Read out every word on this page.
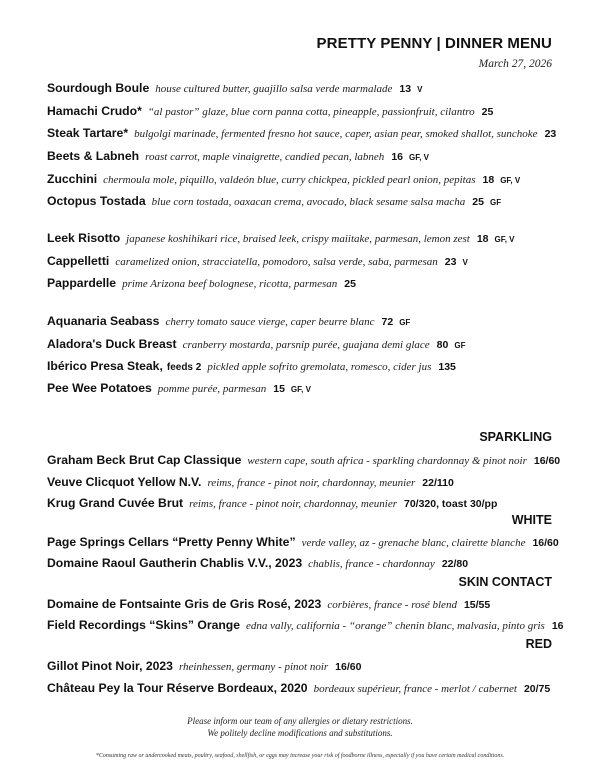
PRETTY PENNY | DINNER MENU
March 27, 2026
Sourdough Boule house cultured butter, guajillo salsa verde marmalade 13 V
Hamachi Crudo* “al pastor” glaze, blue corn panna cotta, pineapple, passionfruit, cilantro 25
Steak Tartare* bulgolgi marinade, fermented fresno hot sauce, caper, asian pear, smoked shallot, sunchoke 23
Beets & Labneh roast carrot, maple vinaigrette, candied pecan, labneh 16 GF, V
Zucchini chermoula mole, piquillo, valdeón blue, curry chickpea, pickled pearl onion, pepitas 18 GF, V
Octopus Tostada blue corn tostada, oaxacan crema, avocado, black sesame salsa macha 25 GF
Leek Risotto japanese koshihikari rice, braised leek, crispy maiitake, parmesan, lemon zest 18 GF, V
Cappelletti caramelized onion, stracciatella, pomodoro, salsa verde, saba, parmesan 23 V
Pappardelle prime Arizona beef bolognese, ricotta, parmesan 25
Aquanaria Seabass cherry tomato sauce vierge, caper beurre blanc 72 GF
Aladora's Duck Breast cranberry mostarda, parsnip purée, guajana demi glace 80 GF
Ibérico Presa Steak, feeds 2 pickled apple sofrito gremolata, romesco, cider jus 135
Pee Wee Potatoes pomme purée, parmesan 15 GF, V
SPARKLING
WHITE
SKIN CONTACT
RED
Graham Beck Brut Cap Classique western cape, south africa - sparkling chardonnay & pinot noir 16/60
Veuve Clicquot Yellow N.V. reims, france - pinot noir, chardonnay, meunier 22/110
Krug Grand Cuvée Brut reims, france - pinot noir, chardonnay, meunier 70/320, toast 30/pp
Page Springs Cellars “Pretty Penny White” verde valley, az - grenache blanc, clairette blanche 16/60
Domaine Raoul Gautherin Chablis V.V., 2023 chablis, france - chardonnay 22/80
Domaine de Fontsainte Gris de Gris Rosé, 2023 corbières, france - rosé blend 15/55
Field Recordings “Skins” Orange edna vally, california - “orange” chenin blanc, malvasia, pinto gris 16
Gillot Pinot Noir, 2023 rheinhessen, germany - pinot noir 16/60
Château Pey la Tour Réserve Bordeaux, 2020 bordeaux supérieur, france - merlot / cabernet 20/75
Please inform our team of any allergies or dietary restrictions.
We politely decline modifications and substitutions.
*Consuming raw or undercooked meats, poultry, seafood, shellfish, or eggs may increase your risk of foodborne illness, especially if you have certain medical conditions.
